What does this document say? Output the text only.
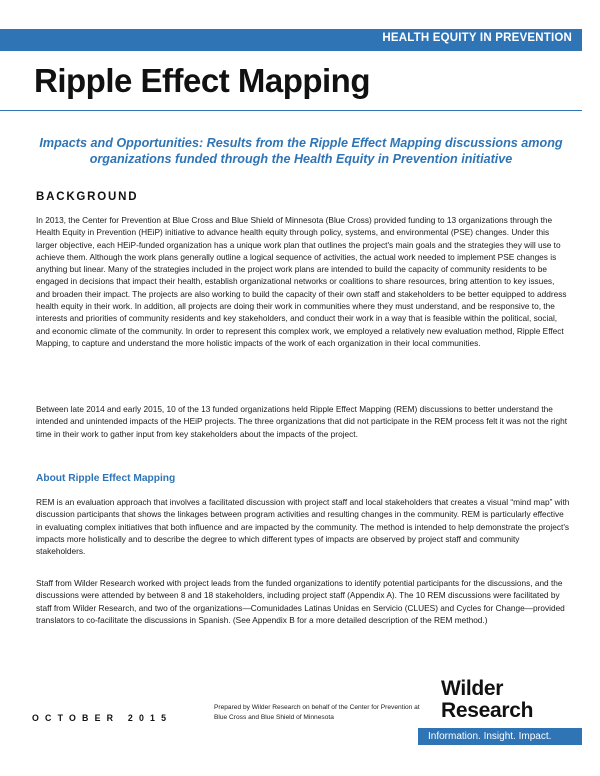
HEALTH EQUITY IN PREVENTION
Ripple Effect Mapping

Impacts and Opportunities: Results from the Ripple Effect Mapping discussions among organizations funded through the Health Equity in Prevention initiative

BACKGROUND

In 2013, the Center for Prevention at Blue Cross and Blue Shield of Minnesota (Blue Cross) provided funding to 13 organizations through the Health Equity in Prevention (HEiP) initiative to advance health equity through policy, systems, and environmental (PSE) changes. Under this larger objective, each HEiP-funded organization has a unique work plan that outlines the project's main goals and the strategies they will use to achieve them. Although the work plans generally outline a logical sequence of activities, the actual work needed to implement PSE changes is anything but linear. Many of the strategies included in the project work plans are intended to build the capacity of community residents to be engaged in decisions that impact their health, establish organizational networks or coalitions to share resources, bring attention to key issues, and broaden their impact. The projects are also working to build the capacity of their own staff and stakeholders to be better equipped to address health equity in their work. In addition, all projects are doing their work in communities where they must understand, and be responsive to, the interests and priorities of community residents and key stakeholders, and conduct their work in a way that is feasible within the political, social, and economic climate of the community. In order to represent this complex work, we employed a relatively new evaluation method, Ripple Effect Mapping, to capture and understand the more holistic impacts of the work of each organization in their local communities.

Between late 2014 and early 2015, 10 of the 13 funded organizations held Ripple Effect Mapping (REM) discussions to better understand the intended and unintended impacts of the HEiP projects. The three organizations that did not participate in the REM process felt it was not the right time in their work to gather input from key stakeholders about the impacts of the project.

About Ripple Effect Mapping

REM is an evaluation approach that involves a facilitated discussion with project staff and local stakeholders that creates a visual “mind map” with discussion participants that shows the linkages between program activities and resulting changes in the community. REM is particularly effective in evaluating complex initiatives that both influence and are impacted by the community. The method is intended to help demonstrate the project's impacts more holistically and to describe the degree to which different types of impacts are observed by project staff and community stakeholders.

Staff from Wilder Research worked with project leads from the funded organizations to identify potential participants for the discussions, and the discussions were attended by between 8 and 18 stakeholders, including project staff (Appendix A). The 10 REM discussions were facilitated by staff from Wilder Research, and two of the organizations—Comunidades Latinas Unidas en Servicio (CLUES) and Cycles for Change—provided translators to co-facilitate the discussions in Spanish. (See Appendix B for a more detailed description of the REM method.)

OCTOBER 2015
Prepared by Wilder Research on behalf of the Center for Prevention at Blue Cross and Blue Shield of Minnesota
Wilder
Research
Information. Insight. Impact.
